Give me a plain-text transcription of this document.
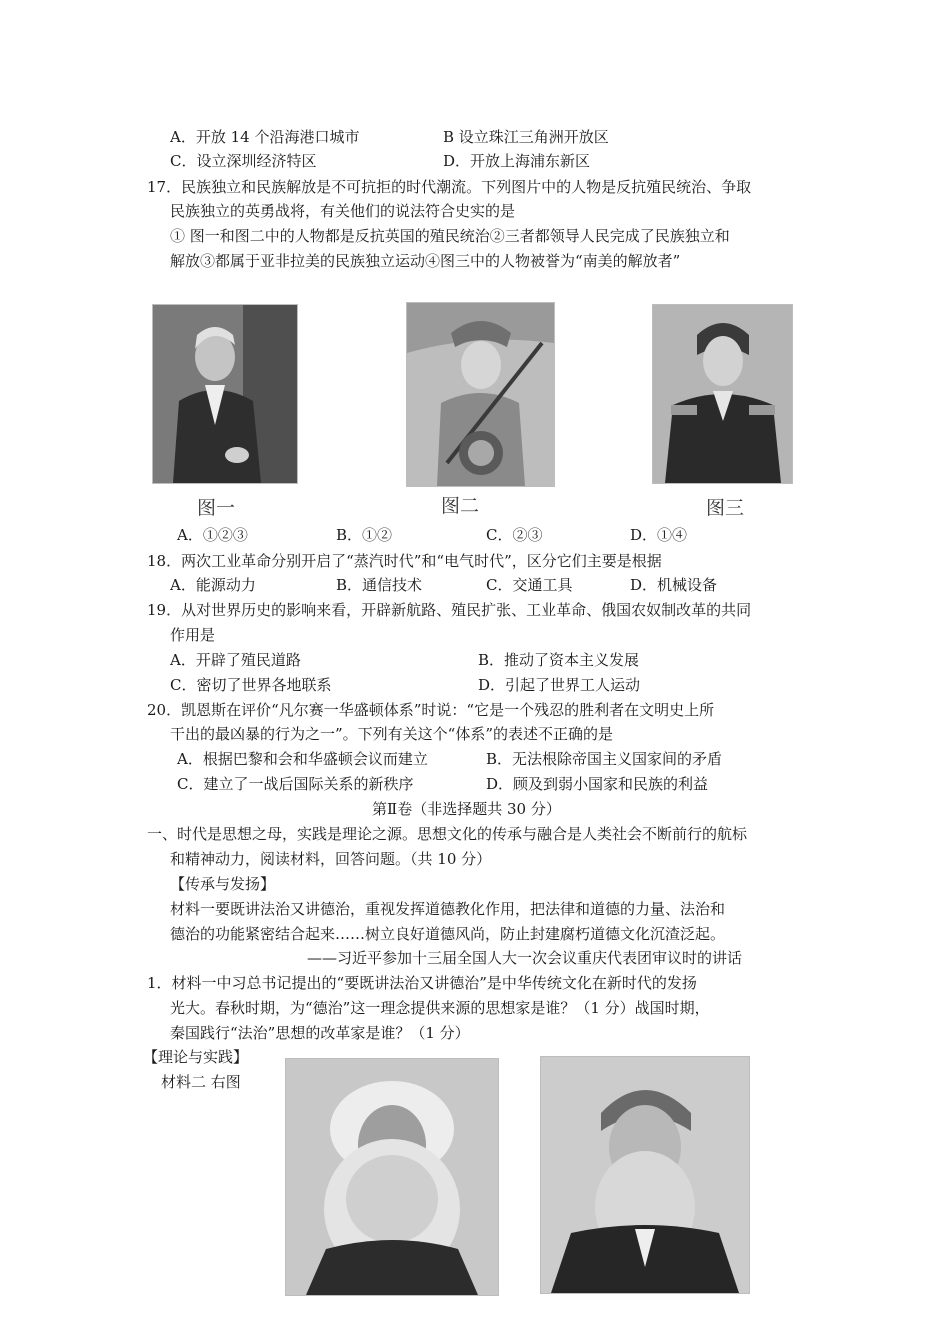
A．开放 14 个沿海港口城市	B 设立珠江三角洲开放区
C．设立深圳经济特区	D．开放上海浦东新区
17．民族独立和民族解放是不可抗拒的时代潮流。下列图片中的人物是反抗殖民统治、争取
民族独立的英勇战将，有关他们的说法符合史实的是
① 图一和图二中的人物都是反抗英国的殖民统治②三者都领导人民完成了民族独立和
解放③都属于亚非拉美的民族独立运动④图三中的人物被誉为“南美的解放者”
图一	图二	图三
A．①②③	B．①②	C．②③	D．①④
18．两次工业革命分别开启了“蒸汽时代”和“电气时代”，区分它们主要是根据
A．能源动力	B．通信技术	C．交通工具	D．机械设备
19．从对世界历史的影响来看，开辟新航路、殖民扩张、工业革命、俄国农奴制改革的共同
作用是
A．开辟了殖民道路	B．推动了资本主义发展
C．密切了世界各地联系	D．引起了世界工人运动
20．凯恩斯在评价“凡尔赛一华盛顿体系”时说：“它是一个残忍的胜利者在文明史上所
干出的最凶暴的行为之一”。下列有关这个“体系”的表述不正确的是
A．根据巴黎和会和华盛顿会议而建立	B．无法根除帝国主义国家间的矛盾
C．建立了一战后国际关系的新秩序	D．顾及到弱小国家和民族的利益
第Ⅱ卷（非选择题共 30 分）
一、时代是思想之母，实践是理论之源。思想文化的传承与融合是人类社会不断前行的航标
和精神动力，阅读材料，回答问题。（共 10 分）
【传承与发扬】
材料一要既讲法治又讲德治，重视发挥道德教化作用，把法律和道德的力量、法治和
德治的功能紧密结合起来……树立良好道德风尚，防止封建腐朽道德文化沉渣泛起。
——习近平参加十三届全国人大一次会议重庆代表团审议时的讲话
1．材料一中习总书记提出的“要既讲法治又讲德治”是中华传统文化在新时代的发扬
光大。春秋时期，为“德治”这一理念提供来源的思想家是谁？（1 分）战国时期，
秦国践行“法治”思想的改革家是谁？（1 分）
【理论与实践】
材料二 右图
